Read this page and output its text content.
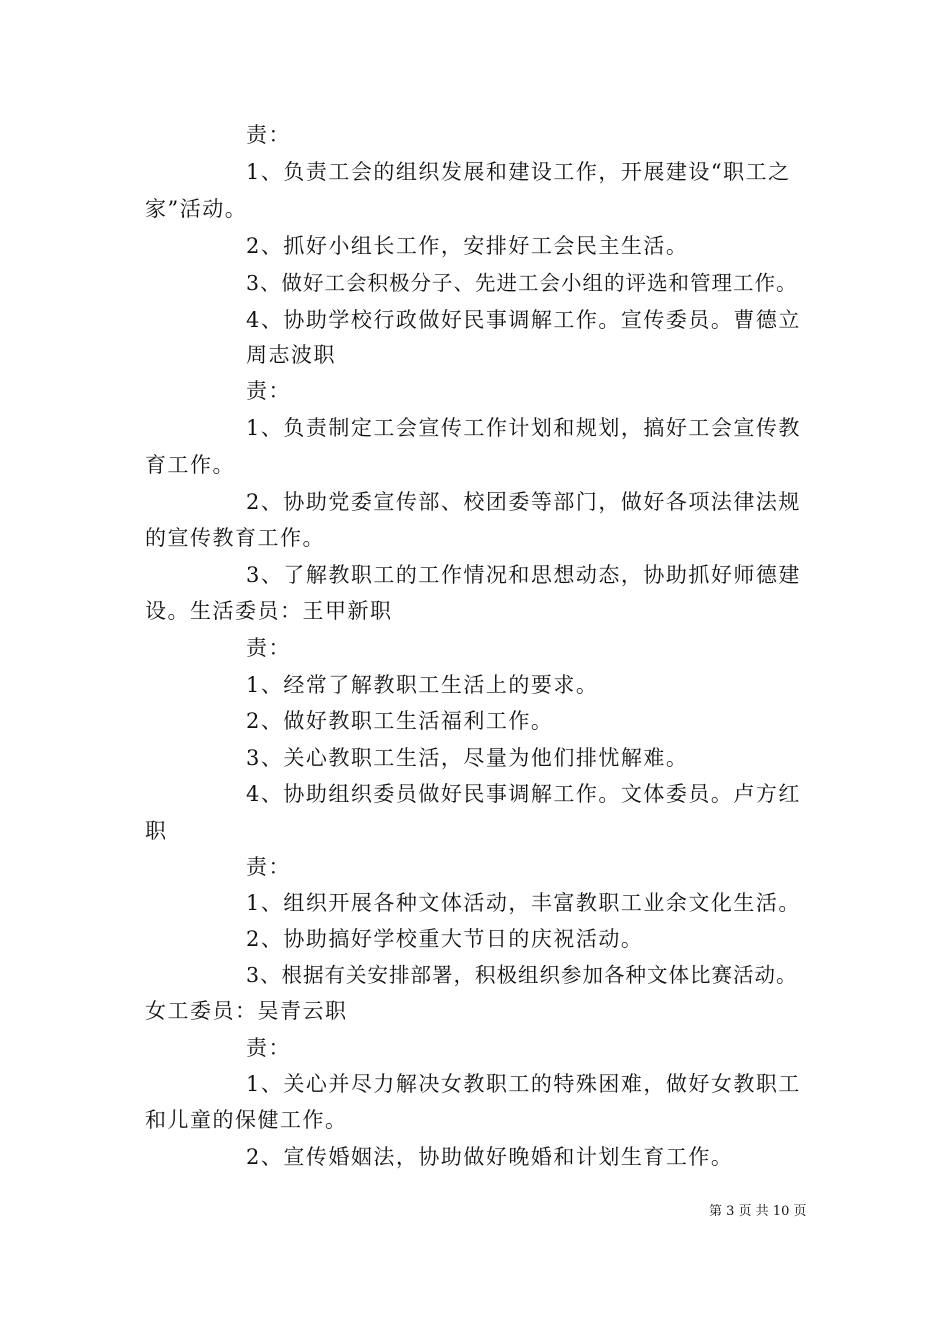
责：
1、负责工会的组织发展和建设工作，开展建设“职工之
家”活动。
2、抓好小组长工作，安排好工会民主生活。
3、做好工会积极分子、先进工会小组的评选和管理工作。
4、协助学校行政做好民事调解工作。宣传委员。曹德立
周志波职
责：
1、负责制定工会宣传工作计划和规划，搞好工会宣传教
育工作。
2、协助党委宣传部、校团委等部门，做好各项法律法规
的宣传教育工作。
3、了解教职工的工作情况和思想动态，协助抓好师德建
设。生活委员：王甲新职
责：
1、经常了解教职工生活上的要求。
2、做好教职工生活福利工作。
3、关心教职工生活，尽量为他们排忧解难。
4、协助组织委员做好民事调解工作。文体委员。卢方红
职
责：
1、组织开展各种文体活动，丰富教职工业余文化生活。
2、协助搞好学校重大节日的庆祝活动。
3、根据有关安排部署，积极组织参加各种文体比赛活动。
女工委员：吴青云职
责：
1、关心并尽力解决女教职工的特殊困难，做好女教职工
和儿童的保健工作。
2、宣传婚姻法，协助做好晚婚和计划生育工作。
第 3 页 共 10 页
